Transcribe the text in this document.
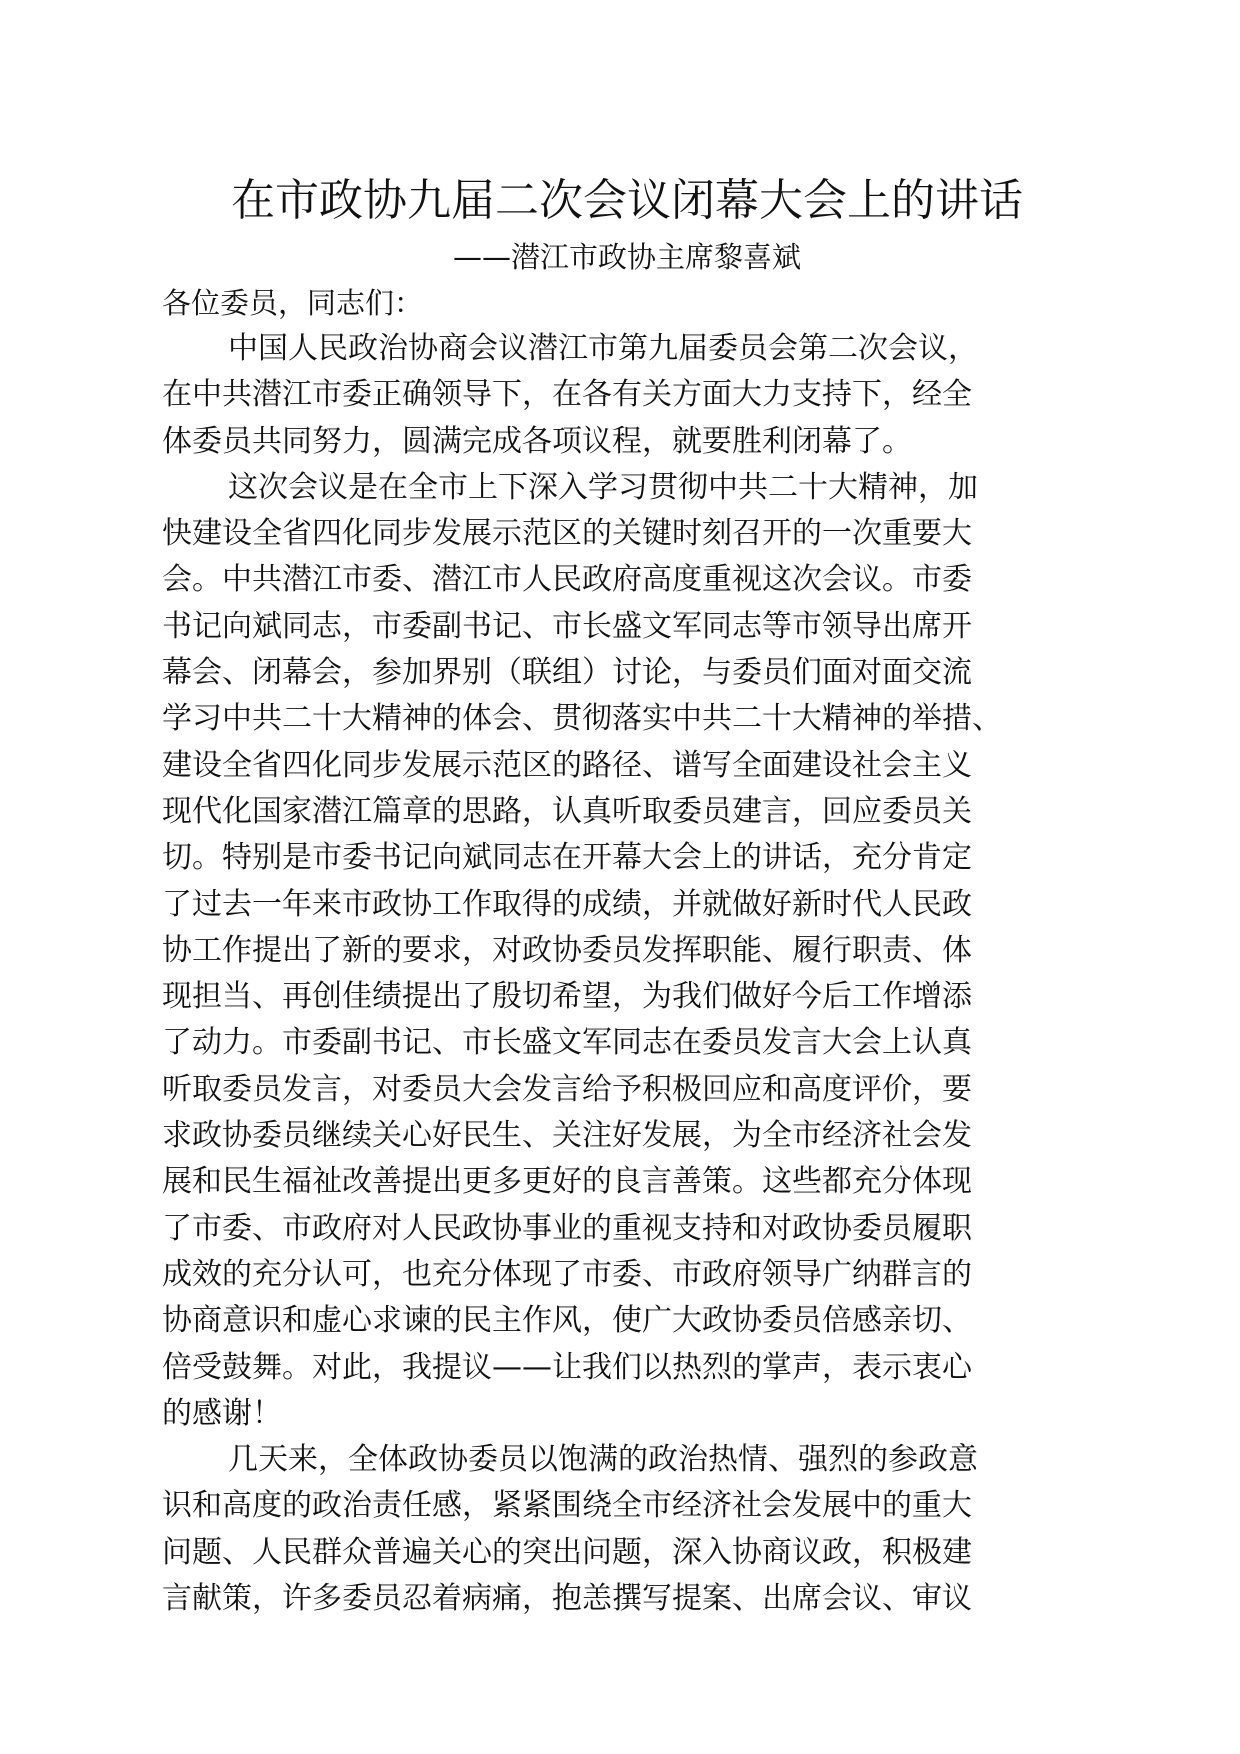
在市政协九届二次会议闭幕大会上的讲话
——潜江市政协主席黎喜斌
各位委员，同志们：
中国人民政治协商会议潜江市第九届委员会第二次会议，
在中共潜江市委正确领导下，在各有关方面大力支持下，经全
体委员共同努力，圆满完成各项议程，就要胜利闭幕了。
这次会议是在全市上下深入学习贯彻中共二十大精神，加
快建设全省四化同步发展示范区的关键时刻召开的一次重要大
会。中共潜江市委、潜江市人民政府高度重视这次会议。市委
书记向斌同志，市委副书记、市长盛文军同志等市领导出席开
幕会、闭幕会，参加界别（联组）讨论，与委员们面对面交流
学习中共二十大精神的体会、贯彻落实中共二十大精神的举措、
建设全省四化同步发展示范区的路径、谱写全面建设社会主义
现代化国家潜江篇章的思路，认真听取委员建言，回应委员关
切。特别是市委书记向斌同志在开幕大会上的讲话，充分肯定
了过去一年来市政协工作取得的成绩，并就做好新时代人民政
协工作提出了新的要求，对政协委员发挥职能、履行职责、体
现担当、再创佳绩提出了殷切希望，为我们做好今后工作增添
了动力。市委副书记、市长盛文军同志在委员发言大会上认真
听取委员发言，对委员大会发言给予积极回应和高度评价，要
求政协委员继续关心好民生、关注好发展，为全市经济社会发
展和民生福祉改善提出更多更好的良言善策。这些都充分体现
了市委、市政府对人民政协事业的重视支持和对政协委员履职
成效的充分认可，也充分体现了市委、市政府领导广纳群言的
协商意识和虚心求谏的民主作风，使广大政协委员倍感亲切、
倍受鼓舞。对此，我提议——让我们以热烈的掌声，表示衷心
的感谢！
几天来，全体政协委员以饱满的政治热情、强烈的参政意
识和高度的政治责任感，紧紧围绕全市经济社会发展中的重大
问题、人民群众普遍关心的突出问题，深入协商议政，积极建
言献策，许多委员忍着病痛，抱恙撰写提案、出席会议、审议
